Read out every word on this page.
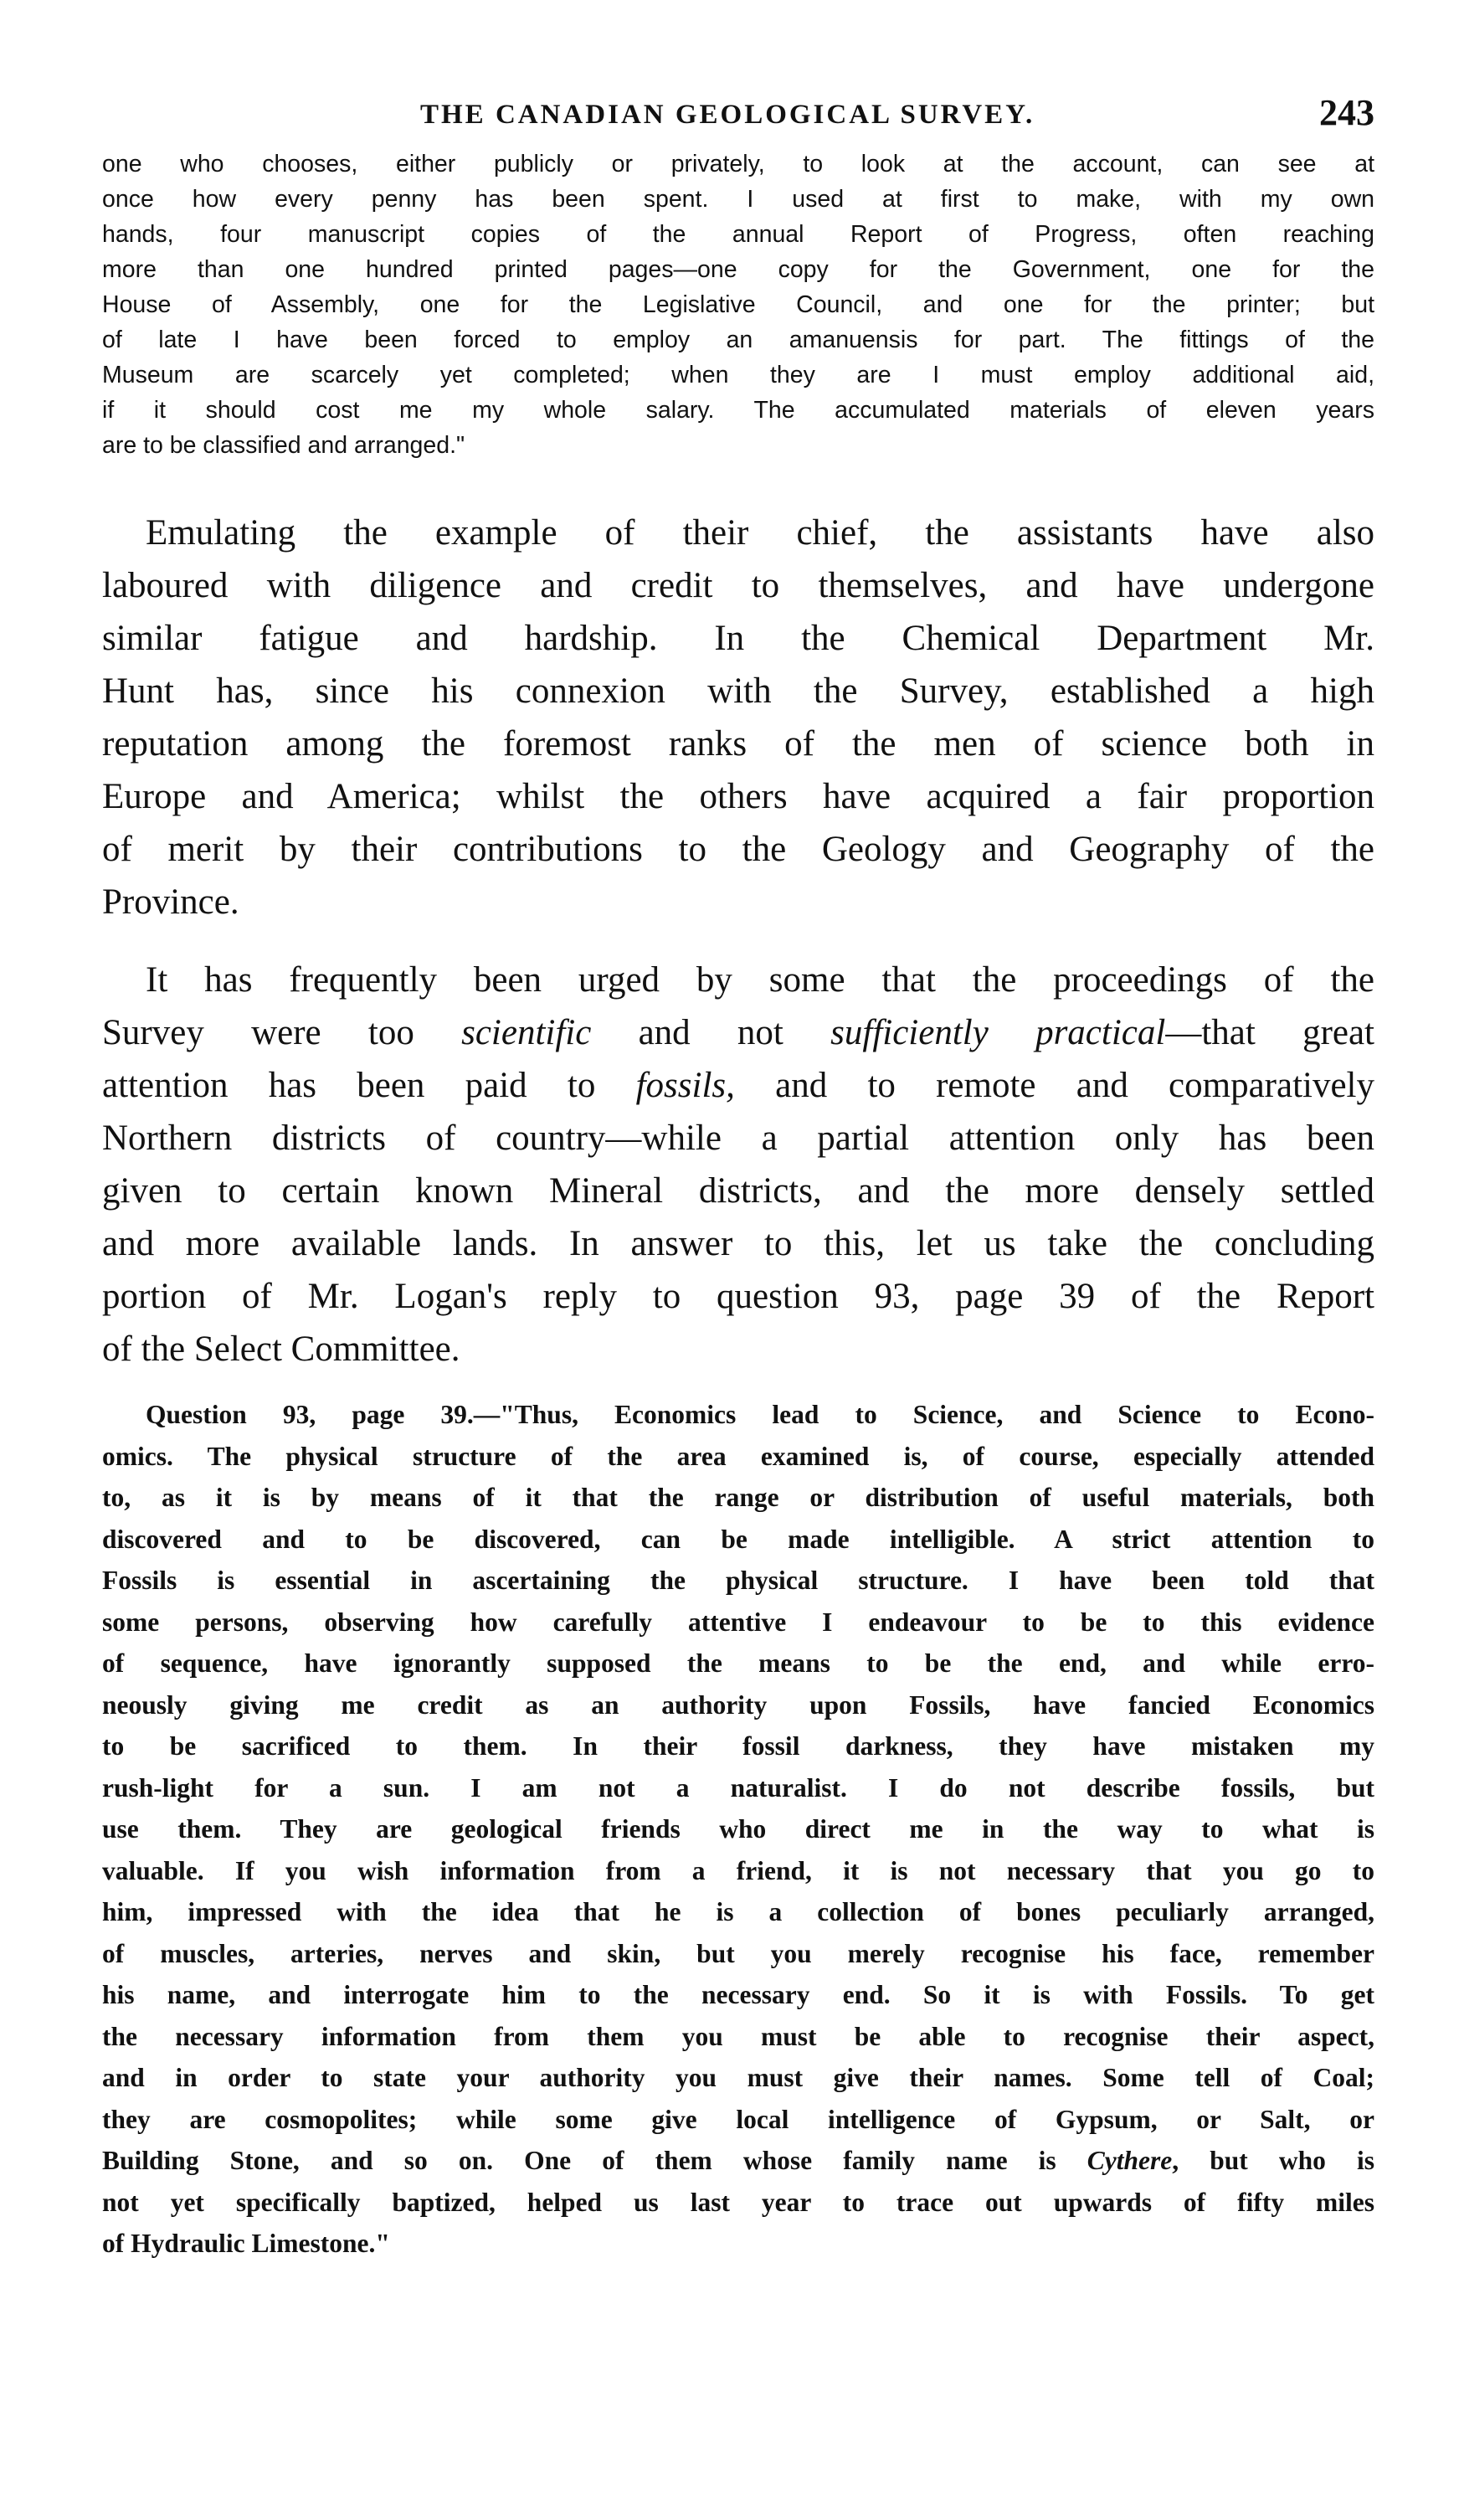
THE CANADIAN GEOLOGICAL SURVEY.	243
one who chooses, either publicly or privately, to look at the account, can see at
once how every penny has been spent. I used at first to make, with my own
hands, four manuscript copies of the annual Report of Progress, often reaching
more than one hundred printed pages—one copy for the Government, one for the
House of Assembly, one for the Legislative Council, and one for the printer; but
of late I have been forced to employ an amanuensis for part. The fittings of the
Museum are scarcely yet completed; when they are I must employ additional aid,
if it should cost me my whole salary. The accumulated materials of eleven years
are to be classified and arranged."
Emulating the example of their chief, the assistants have also
laboured with diligence and credit to themselves, and have undergone
similar fatigue and hardship. In the Chemical Department Mr.
Hunt has, since his connexion with the Survey, established a high
reputation among the foremost ranks of the men of science both in
Europe and America; whilst the others have acquired a fair proportion
of merit by their contributions to the Geology and Geography of the
Province.
It has frequently been urged by some that the proceedings of the
Survey were too scientific and not sufficiently practical—that great
attention has been paid to fossils, and to remote and comparatively
Northern districts of country—while a partial attention only has been
given to certain known Mineral districts, and the more densely settled
and more available lands. In answer to this, let us take the concluding
portion of Mr. Logan's reply to question 93, page 39 of the Report
of the Select Committee.
Question 93, page 39.—"Thus, Economics lead to Science, and Science to Econo-
omics. The physical structure of the area examined is, of course, especially attended
to, as it is by means of it that the range or distribution of useful materials, both
discovered and to be discovered, can be made intelligible. A strict attention to
Fossils is essential in ascertaining the physical structure. I have been told that
some persons, observing how carefully attentive I endeavour to be to this evidence
of sequence, have ignorantly supposed the means to be the end, and while erro-
neously giving me credit as an authority upon Fossils, have fancied Economics
to be sacrificed to them. In their fossil darkness, they have mistaken my
rush-light for a sun. I am not a naturalist. I do not describe fossils, but
use them. They are geological friends who direct me in the way to what is
valuable. If you wish information from a friend, it is not necessary that you go to
him, impressed with the idea that he is a collection of bones peculiarly arranged,
of muscles, arteries, nerves and skin, but you merely recognise his face, remember
his name, and interrogate him to the necessary end. So it is with Fossils. To get
the necessary information from them you must be able to recognise their aspect,
and in order to state your authority you must give their names. Some tell of Coal;
they are cosmopolites; while some give local intelligence of Gypsum, or Salt, or
Building Stone, and so on. One of them whose family name is Cythere, but who is
not yet specifically baptized, helped us last year to trace out upwards of fifty miles
of Hydraulic Limestone."
